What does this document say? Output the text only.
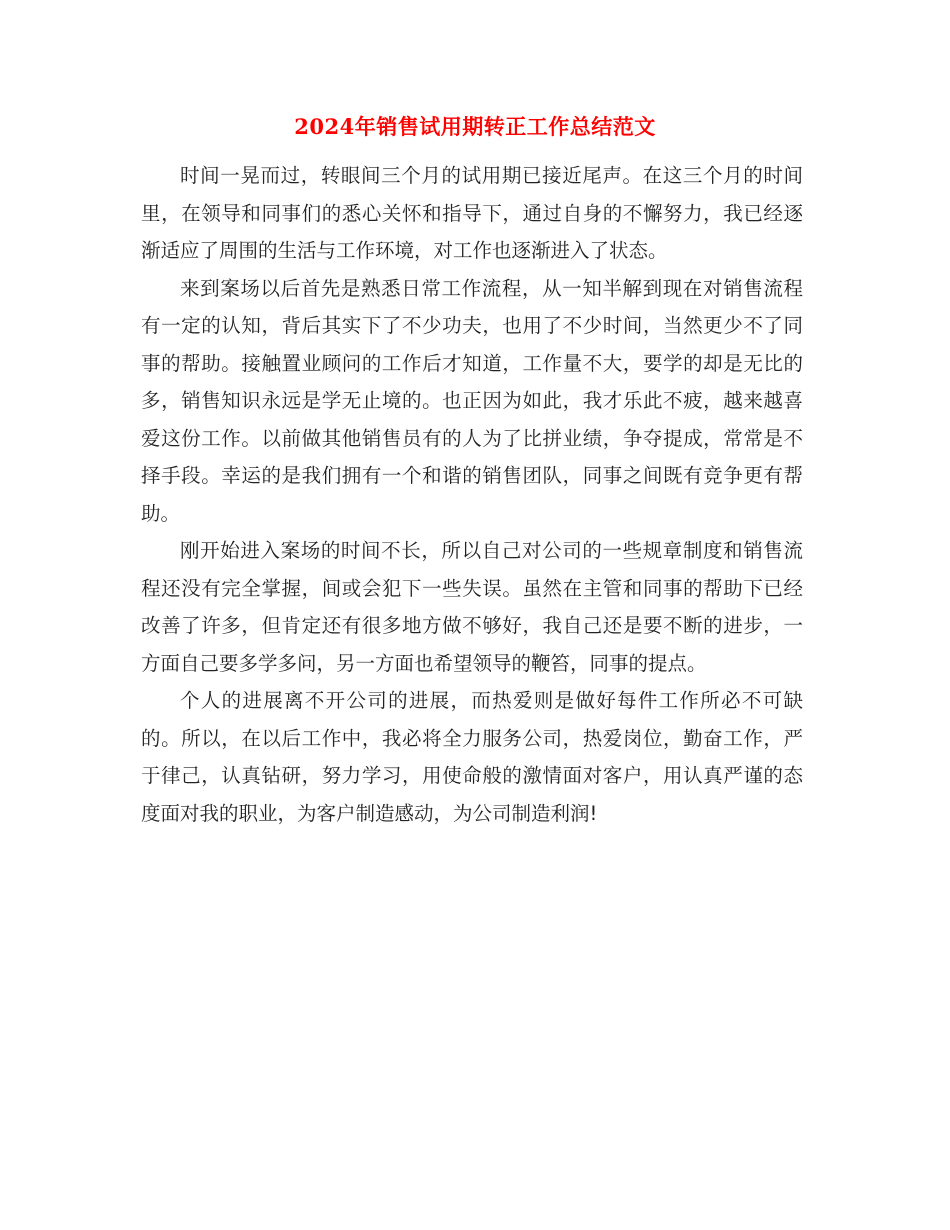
2024年销售试用期转正工作总结范文

时间一晃而过，转眼间三个月的试用期已接近尾声。在这三个月的时间里，在领导和同事们的悉心关怀和指导下，通过自身的不懈努力，我已经逐渐适应了周围的生活与工作环境，对工作也逐渐进入了状态。

来到案场以后首先是熟悉日常工作流程，从一知半解到现在对销售流程有一定的认知，背后其实下了不少功夫，也用了不少时间，当然更少不了同事的帮助。接触置业顾问的工作后才知道，工作量不大，要学的却是无比的多，销售知识永远是学无止境的。也正因为如此，我才乐此不疲，越来越喜爱这份工作。以前做其他销售员有的人为了比拼业绩，争夺提成，常常是不择手段。幸运的是我们拥有一个和谐的销售团队，同事之间既有竞争更有帮助。

刚开始进入案场的时间不长，所以自己对公司的一些规章制度和销售流程还没有完全掌握，间或会犯下一些失误。虽然在主管和同事的帮助下已经改善了许多，但肯定还有很多地方做不够好，我自己还是要不断的进步，一方面自己要多学多问，另一方面也希望领导的鞭笞，同事的提点。

个人的进展离不开公司的进展，而热爱则是做好每件工作所必不可缺的。所以，在以后工作中，我必将全力服务公司，热爱岗位，勤奋工作，严于律己，认真钻研，努力学习，用使命般的激情面对客户，用认真严谨的态度面对我的职业，为客户制造感动，为公司制造利润!
